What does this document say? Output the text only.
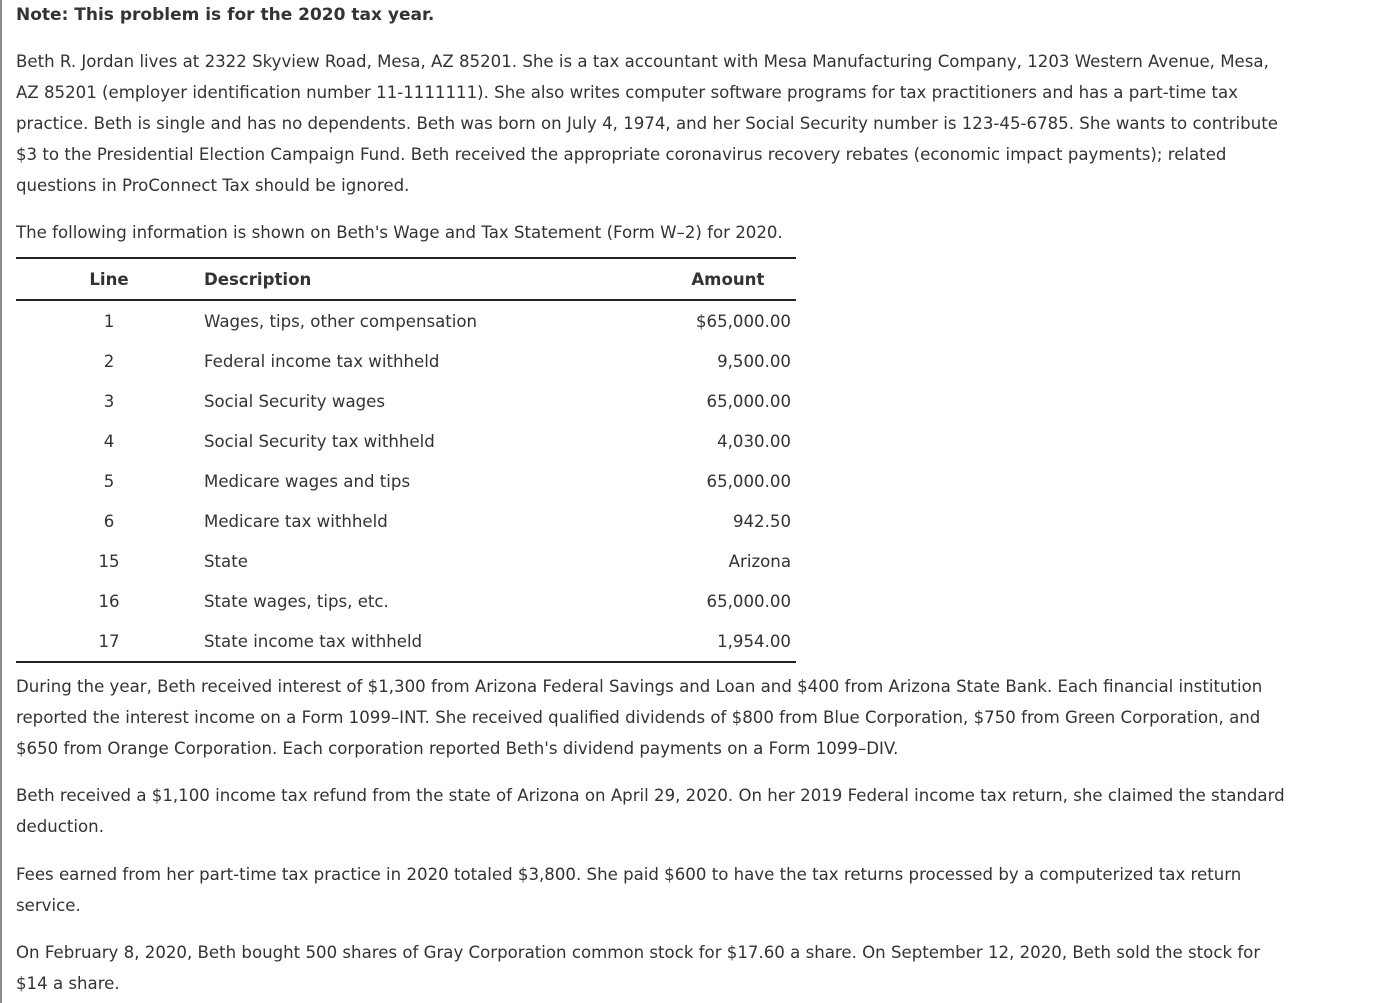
Note: This problem is for the 2020 tax year.

Beth R. Jordan lives at 2322 Skyview Road, Mesa, AZ 85201. She is a tax accountant with Mesa Manufacturing Company, 1203 Western Avenue, Mesa, AZ 85201 (employer identification number 11-1111111). She also writes computer software programs for tax practitioners and has a part-time tax practice. Beth is single and has no dependents. Beth was born on July 4, 1974, and her Social Security number is 123-45-6785. She wants to contribute $3 to the Presidential Election Campaign Fund. Beth received the appropriate coronavirus recovery rebates (economic impact payments); related questions in ProConnect Tax should be ignored.

The following information is shown on Beth's Wage and Tax Statement (Form W–2) for 2020.

Line	Description	Amount
1	Wages, tips, other compensation	$65,000.00
2	Federal income tax withheld	9,500.00
3	Social Security wages	65,000.00
4	Social Security tax withheld	4,030.00
5	Medicare wages and tips	65,000.00
6	Medicare tax withheld	942.50
15	State	Arizona
16	State wages, tips, etc.	65,000.00
17	State income tax withheld	1,954.00

During the year, Beth received interest of $1,300 from Arizona Federal Savings and Loan and $400 from Arizona State Bank. Each financial institution reported the interest income on a Form 1099–INT. She received qualified dividends of $800 from Blue Corporation, $750 from Green Corporation, and $650 from Orange Corporation. Each corporation reported Beth's dividend payments on a Form 1099–DIV.

Beth received a $1,100 income tax refund from the state of Arizona on April 29, 2020. On her 2019 Federal income tax return, she claimed the standard deduction.

Fees earned from her part-time tax practice in 2020 totaled $3,800. She paid $600 to have the tax returns processed by a computerized tax return service.

On February 8, 2020, Beth bought 500 shares of Gray Corporation common stock for $17.60 a share. On September 12, 2020, Beth sold the stock for $14 a share.
